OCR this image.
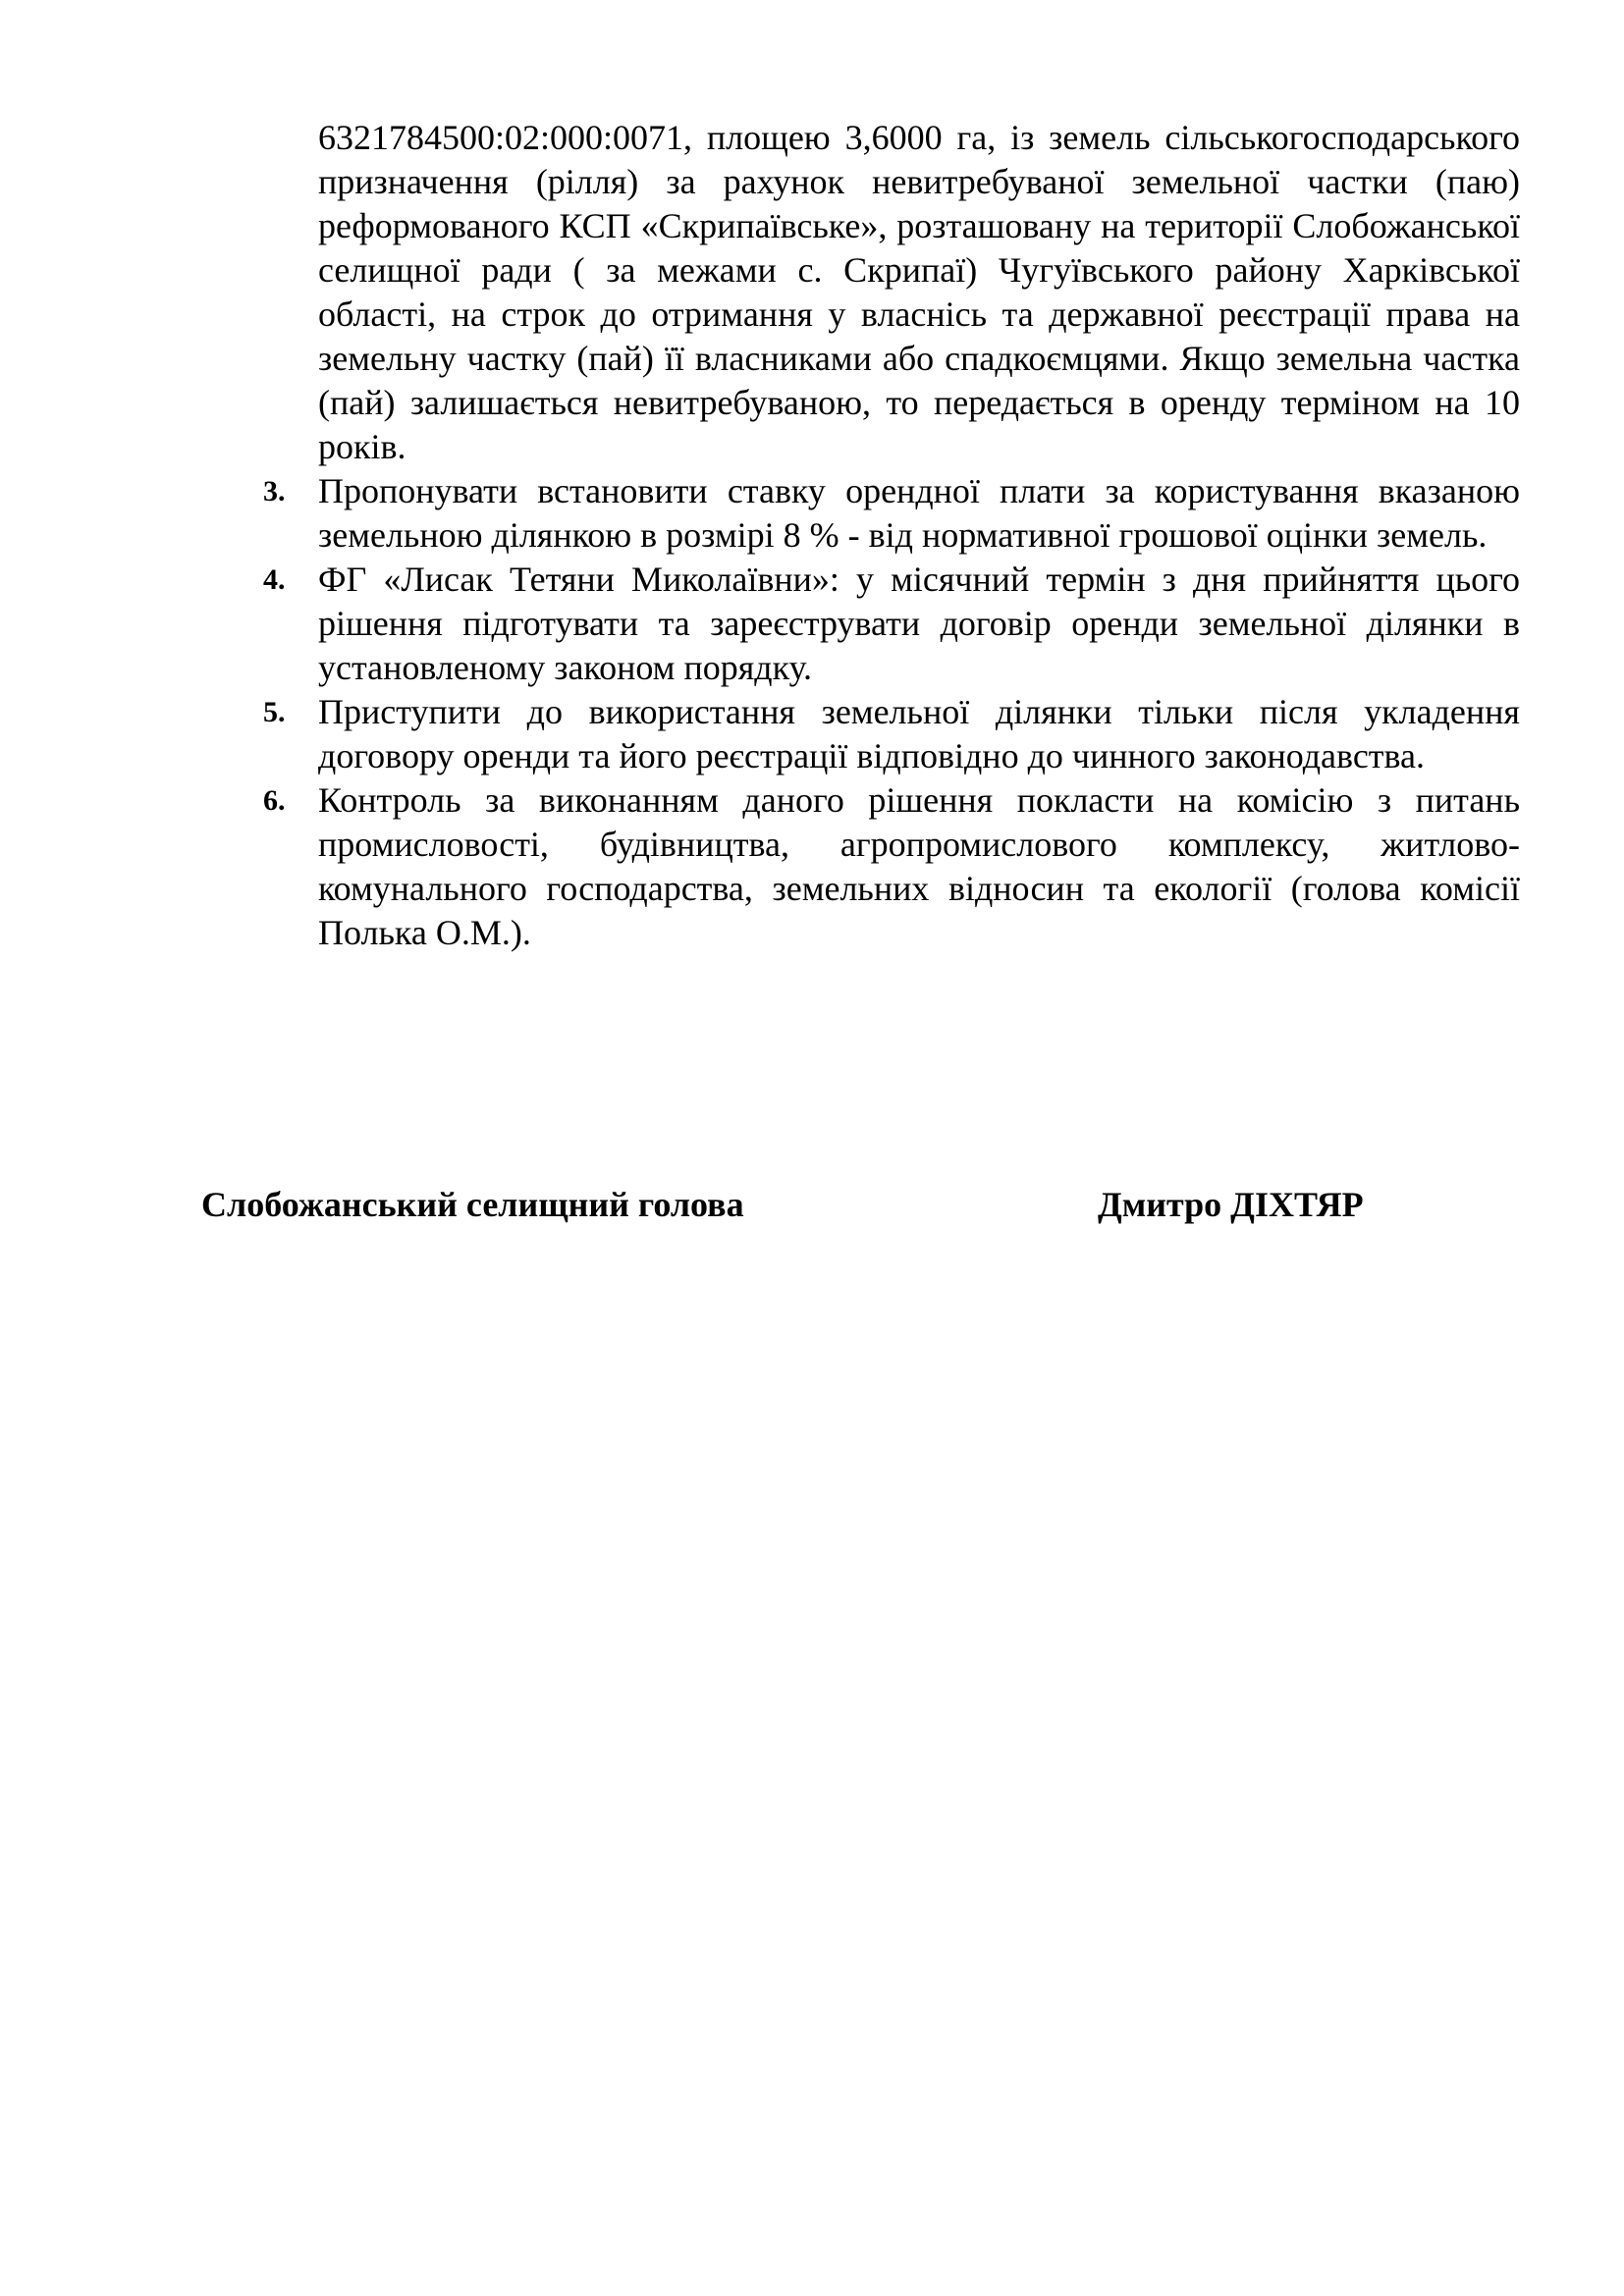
6321784500:02:000:0071, площею 3,6000 га, із земель сільськогосподарського призначення (рілля) за рахунок невитребуваної земельної частки (паю) реформованого КСП «Скрипаївське», розташовану на території Слобожанської селищної ради ( за межами с. Скрипаї) Чугуївського району Харківської області, на строк до отримання у власнісь та державної реєстрації права на земельну частку (пай) її власниками або спадкоємцями. Якщо земельна частка (пай) залишається невитребуваною, то передається в оренду терміном на 10 років.
3. Пропонувати встановити ставку орендної плати за користування вказаною земельною ділянкою в розмірі 8 % - від нормативної грошової оцінки земель.
4. ФГ «Лисак Тетяни Миколаївни»: у місячний термін з дня прийняття цього рішення підготувати та зареєструвати договір оренди земельної ділянки в установленому законом порядку.
5. Приступити до використання земельної ділянки тільки після укладення договору оренди та його реєстрації відповідно до чинного законодавства.
6. Контроль за виконанням даного рішення покласти на комісію з питань промисловості, будівництва, агропромислового комплексу, житлово-комунального господарства, земельних відносин та екології (голова комісії Полька О.М.).
Слобожанський селищний голова	Дмитро ДІХТЯР
